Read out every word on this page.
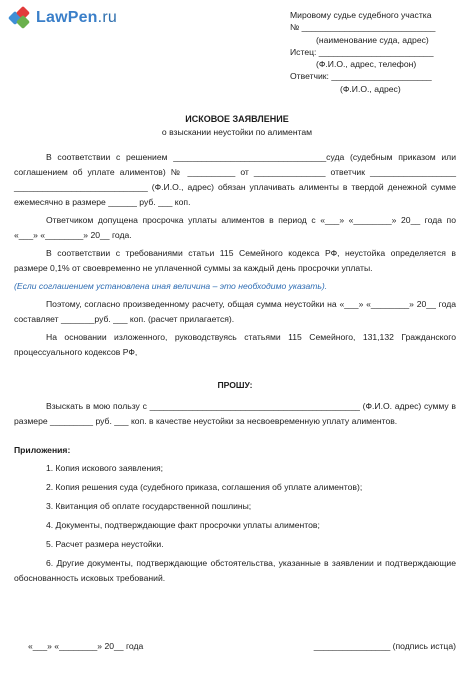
LawPen.ru	Мировому судье судебного участка
№ ____________________________
(наименование суда, адрес)
Истец: ________________________
(Ф.И.О., адрес, телефон)
Ответчик: _____________________
(Ф.И.О., адрес)
ИСКОВОЕ ЗАЯВЛЕНИЕ
о взыскании неустойки по алиментам

В соответствии с решением ________________________________суда (судебным приказом или соглашением об уплате алиментов) № __________ от _______________ ответчик __________________ ____________________________ (Ф.И.О., адрес) обязан уплачивать алименты в твердой денежной сумме ежемесячно в размере ______ руб. ___ коп.

Ответчиком допущена просрочка уплаты алиментов в период с «___» «________» 20__ года по «___» «________» 20__ года.

В соответствии с требованиями статьи 115 Семейного кодекса РФ, неустойка определяется в размере 0,1% от своевременно не уплаченной суммы за каждый день просрочки уплаты.

(Если соглашением установлена иная величина – это необходимо указать).

Поэтому, согласно произведенному расчету, общая сумма неустойки на «___» «________» 20__ года составляет _______руб. ___ коп. (расчет прилагается).

На основании изложенного, руководствуясь статьями 115 Семейного, 131,132 Гражданского процессуального кодексов РФ,

ПРОШУ:

Взыскать в мою пользу с ____________________________________________ (Ф.И.О. адрес) сумму в размере _________ руб. ___ коп. в качестве неустойки за несвоевременную уплату алиментов.

Приложения:

1. Копия искового заявления;

2. Копия решения суда (судебного приказа, соглашения об уплате алиментов);

3. Квитанция об оплате государственной пошлины;

4. Документы, подтверждающие факт просрочки уплаты алиментов;

5. Расчет размера неустойки.

6. Другие документы, подтверждающие обстоятельства, указанные в заявлении и подтверждающие обоснованность исковых требований.

«___» «________» 20__ года	________________ (подпись истца)
